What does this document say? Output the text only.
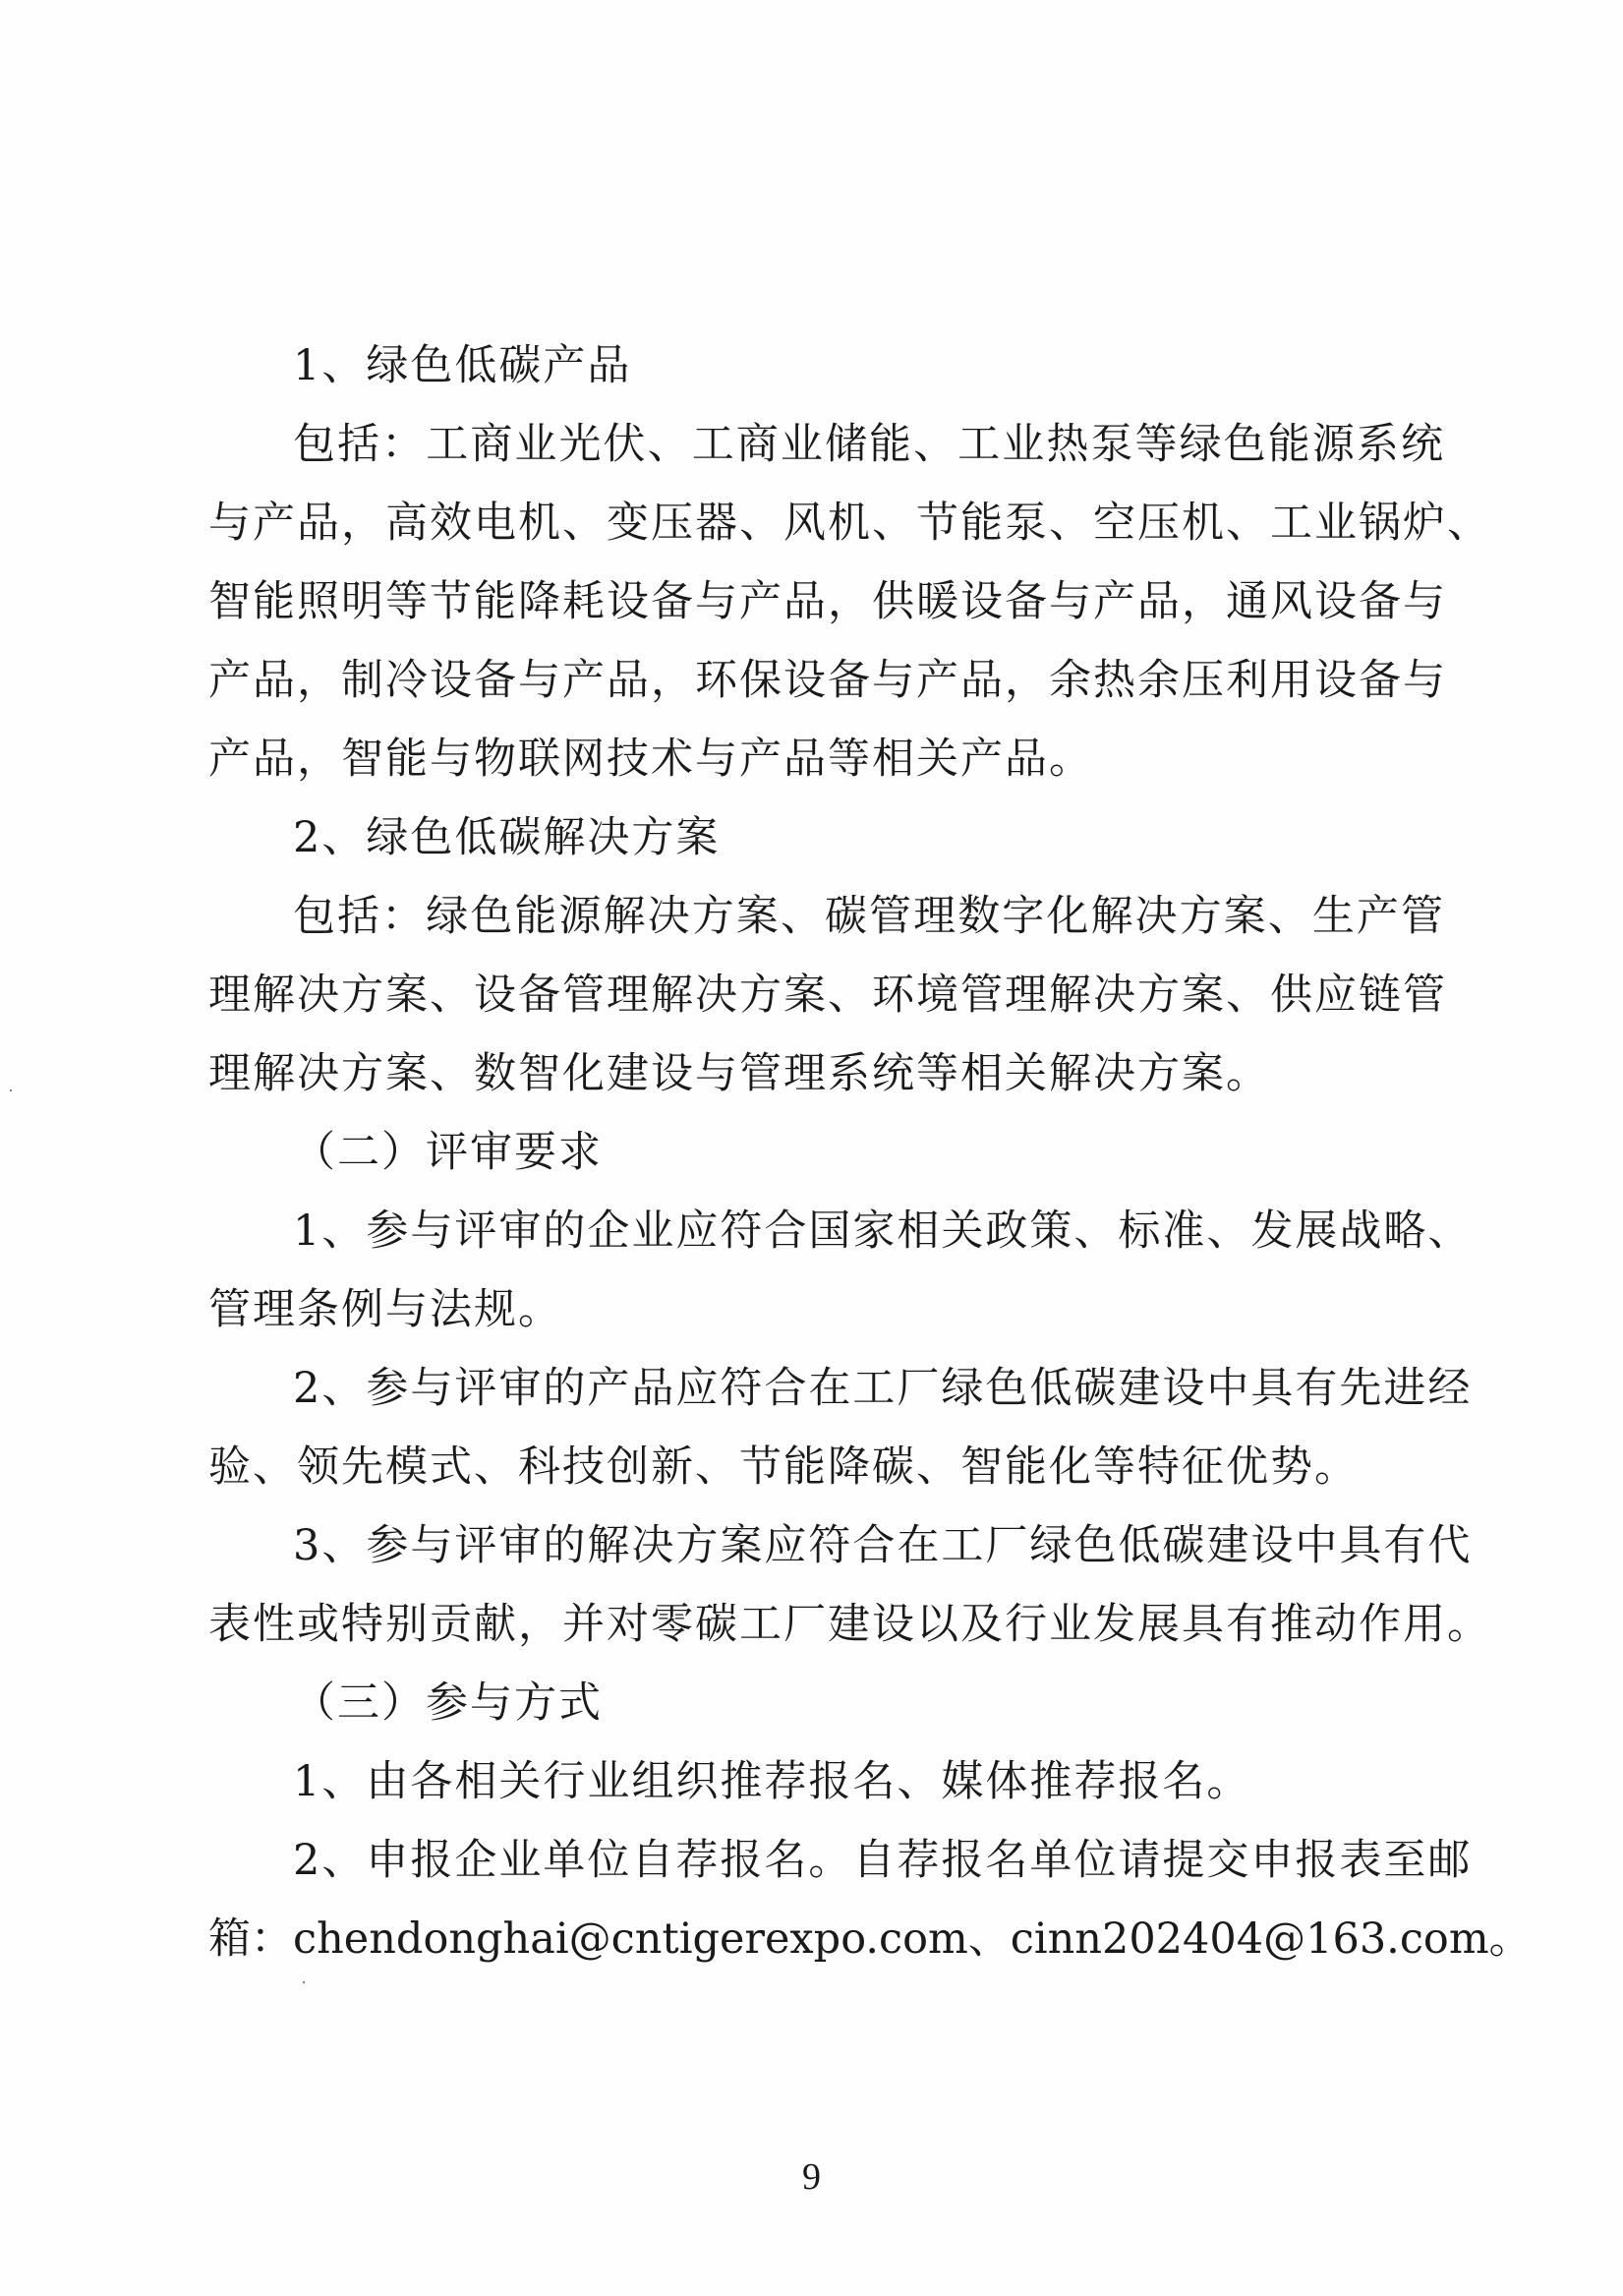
1、绿色低碳产品
包括：工商业光伏、工商业储能、工业热泵等绿色能源系统
与产品，高效电机、变压器、风机、节能泵、空压机、工业锅炉、
智能照明等节能降耗设备与产品，供暖设备与产品，通风设备与
产品，制冷设备与产品，环保设备与产品，余热余压利用设备与
产品，智能与物联网技术与产品等相关产品。
2、绿色低碳解决方案
包括：绿色能源解决方案、碳管理数字化解决方案、生产管
理解决方案、设备管理解决方案、环境管理解决方案、供应链管
理解决方案、数智化建设与管理系统等相关解决方案。
（二）评审要求
1、参与评审的企业应符合国家相关政策、标准、发展战略、
管理条例与法规。
2、参与评审的产品应符合在工厂绿色低碳建设中具有先进经
验、领先模式、科技创新、节能降碳、智能化等特征优势。
3、参与评审的解决方案应符合在工厂绿色低碳建设中具有代
表性或特别贡献，并对零碳工厂建设以及行业发展具有推动作用。
（三）参与方式
1、由各相关行业组织推荐报名、媒体推荐报名。
2、申报企业单位自荐报名。自荐报名单位请提交申报表至邮
箱：chendonghai@cntigerexpo.com、cinn202404@163.com。
9
